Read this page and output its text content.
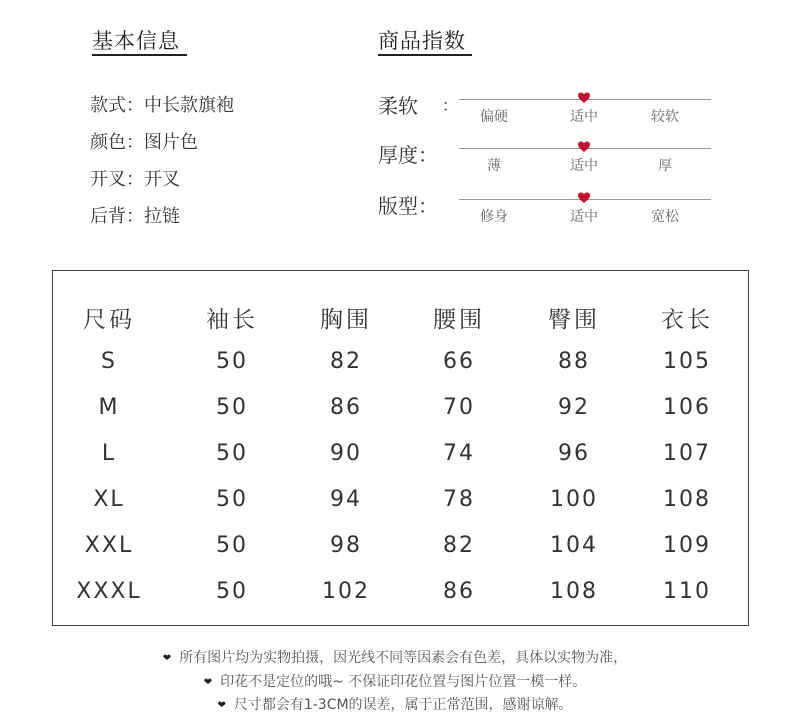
基本信息
款式：中长款旗袍
颜色：图片色
开叉：开叉
后背：拉链
商品指数
柔软 ：
偏硬	适中	较软
厚度：	薄	适中	厚
版型：	修身	适中	宽松
尺码	袖长	胸围	腰围	臀围	衣长
S	50	82	66	88	105
M	50	86	70	92	106
L	50	90	74	96	107
XL	50	94	78	100	108
XXL	50	98	82	104	109
XXXL	50	102	86	108	110
❤ 所有图片均为实物拍摄，因光线不同等因素会有色差，具体以实物为准，
❤ 印花不是定位的哦~ 不保证印花位置与图片位置一模一样。
❤ 尺寸都会有1-3CM的误差，属于正常范围，感谢谅解。
